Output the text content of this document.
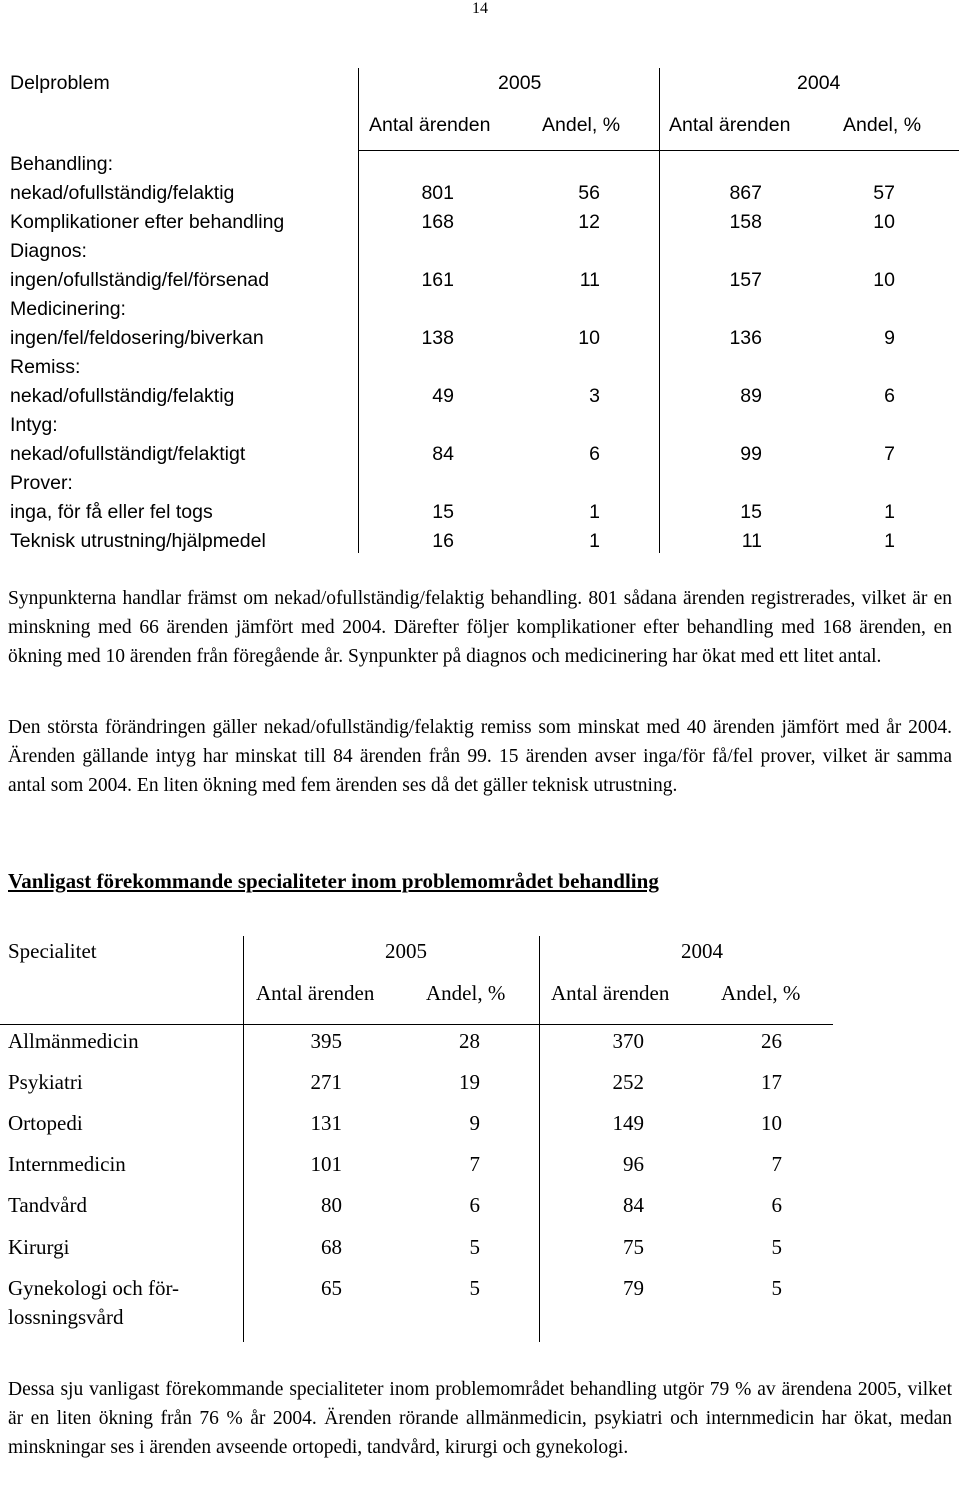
14
Delproblem	2005	2004
Antal ärenden	Andel, %	Antal ärenden	Andel, %
Behandling:
nekad/ofullständig/felaktig	801	56	867	57
Komplikationer efter behandling	168	12	158	10
Diagnos:
ingen/ofullständig/fel/försenad	161	11	157	10
Medicinering:
ingen/fel/feldosering/biverkan	138	10	136	9
Remiss:
nekad/ofullständig/felaktig	49	3	89	6
Intyg:
nekad/ofullständigt/felaktigt	84	6	99	7
Prover:
inga, för få eller fel togs	15	1	15	1
Teknisk utrustning/hjälpmedel	16	1	11	1

Synpunkterna handlar främst om nekad/ofullständig/felaktig behandling. 801 sådana ärenden registrerades, vilket är en minskning med 66 ärenden jämfört med 2004. Därefter följer komplikationer efter behandling med 168 ärenden, en ökning med 10 ärenden från föregående år. Synpunkter på diagnos och medicinering har ökat med ett litet antal.

Den största förändringen gäller nekad/ofullständig/felaktig remiss som minskat med 40 ärenden jämfört med år 2004. Ärenden gällande intyg har minskat till 84 ärenden från 99. 15 ärenden avser inga/för få/fel prover, vilket är samma antal som 2004. En liten ökning med fem ärenden ses då det gäller teknisk utrustning.

Vanligast förekommande specialiteter inom problemområdet behandling
Specialitet	2005	2004
Antal ärenden Andel, % Antal ärenden Andel, %
Allmänmedicin	395	28	370	26
Psykiatri	271	19	252	17
Ortopedi	131	9	149	10
Internmedicin	101	7	96	7
Tandvård	80	6	84	6
Kirurgi	68	5	75	5
Gynekologi och för-
lossningsvård
65	5	79	5

Dessa sju vanligast förekommande specialiteter inom problemområdet behandling utgör 79 % av ärendena 2005, vilket är en liten ökning från 76 % år 2004. Ärenden rörande allmänmedicin, psykiatri och internmedicin har ökat, medan minskningar ses i ärenden avseende ortopedi, tandvård, kirurgi och gynekologi.
